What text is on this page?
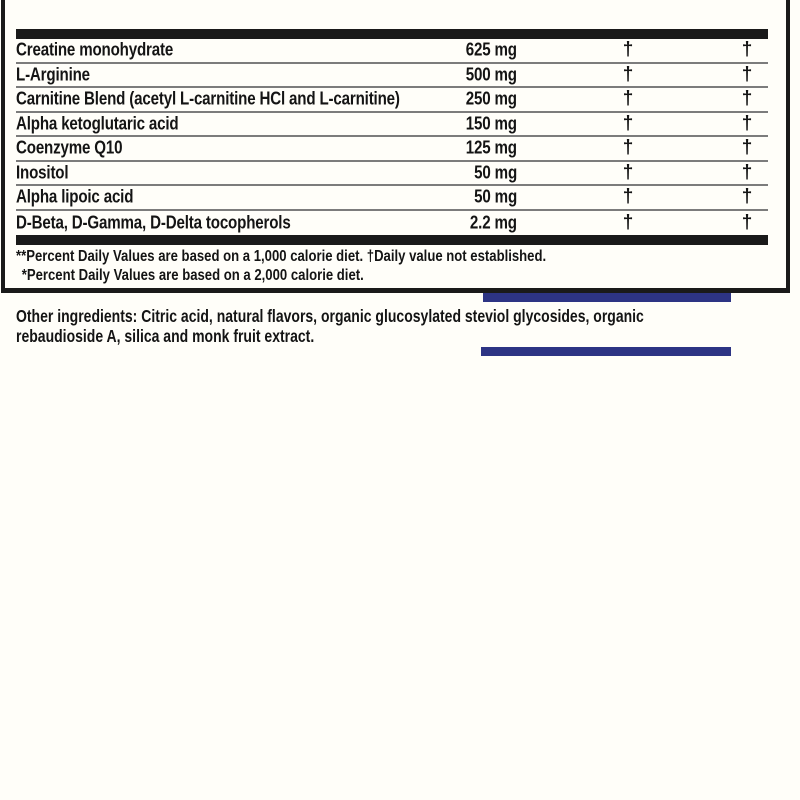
Creatine monohydrate	625 mg	†	†
L-Arginine	500 mg	†	†
Carnitine Blend (acetyl L-carnitine HCl and L-carnitine)	250 mg	†	†
Alpha ketoglutaric acid	150 mg	†	†
Coenzyme Q10	125 mg	†	†
Inositol	50 mg	†	†
Alpha lipoic acid	50 mg	†	†
D-Beta, D-Gamma, D-Delta tocopherols	2.2 mg	†	†
**Percent Daily Values are based on a 1,000 calorie diet. †Daily value not established.
*Percent Daily Values are based on a 2,000 calorie diet.
Other ingredients: Citric acid, natural flavors, organic glucosylated steviol glycosides, organic
rebaudioside A, silica and monk fruit extract.
